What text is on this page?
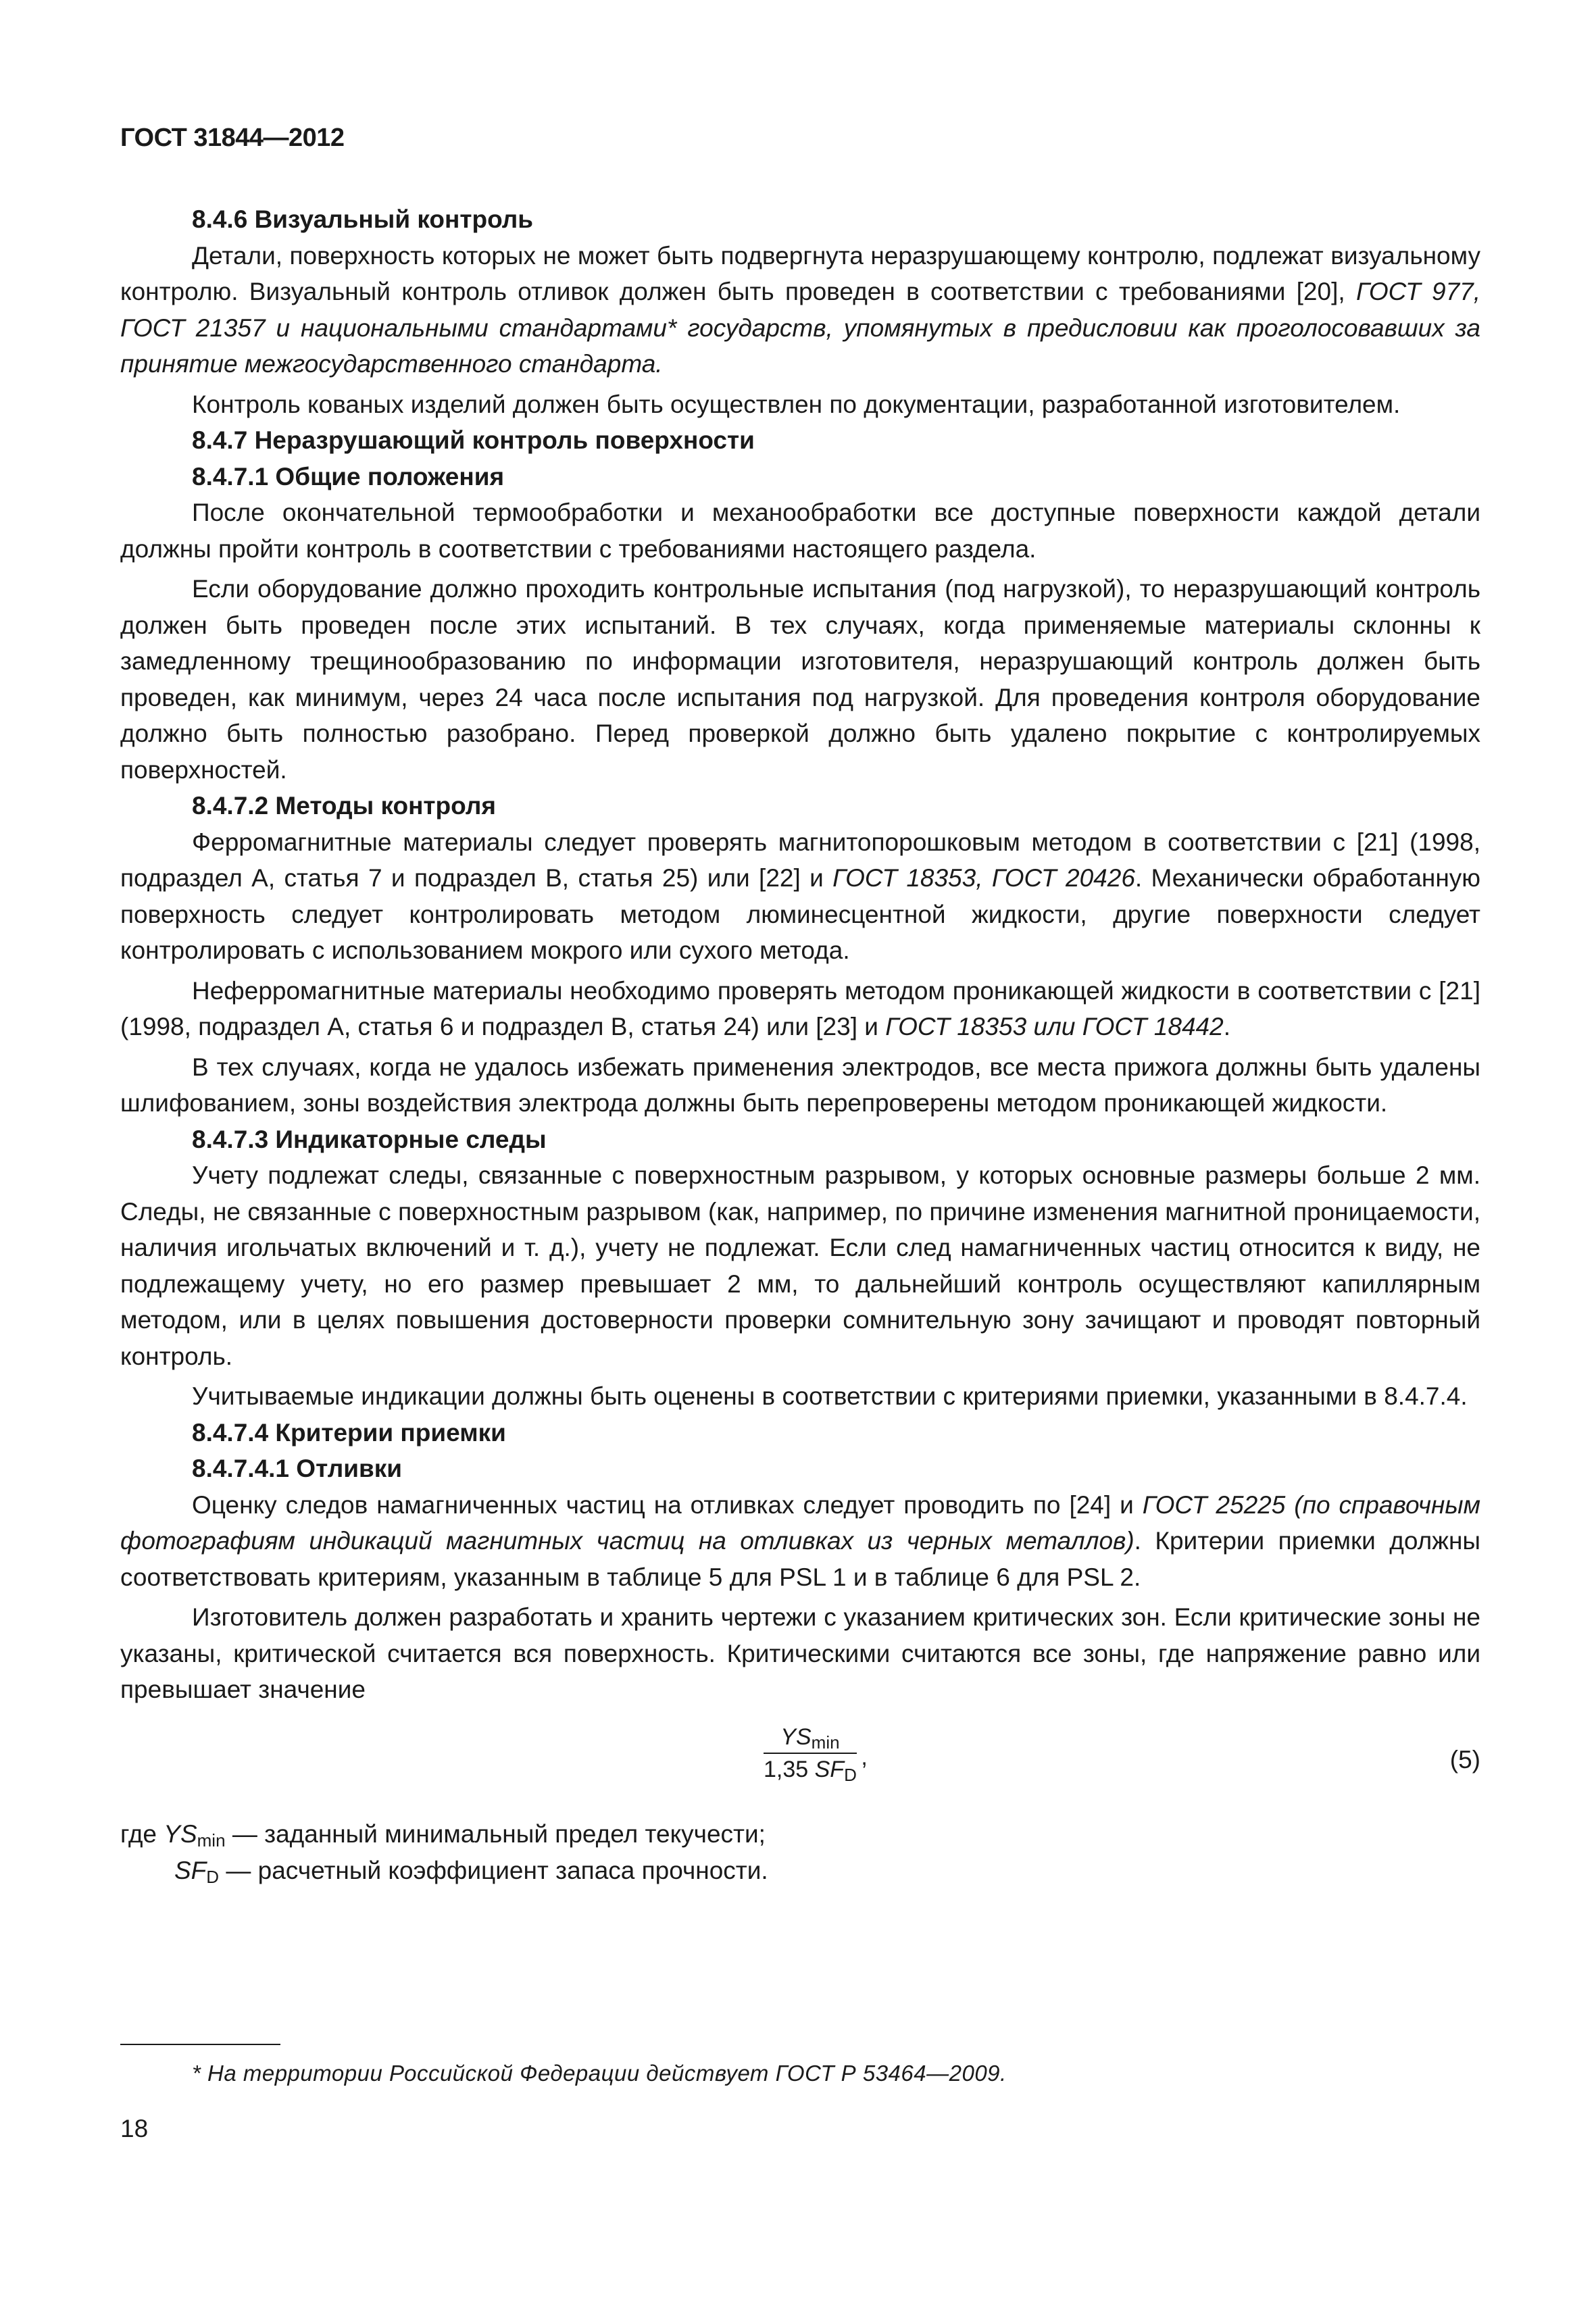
ГОСТ 31844—2012
8.4.6 Визуальный контроль

Детали, поверхность которых не может быть подвергнута неразрушающему контролю, подлежат визуальному контролю. Визуальный контроль отливок должен быть проведен в соответствии с требованиями [20], ГОСТ 977, ГОСТ 21357 и национальными стандартами* государств, упомянутых в предисловии как проголосовавших за принятие межгосударственного стандарта.

Контроль кованых изделий должен быть осуществлен по документации, разработанной изготовителем.

8.4.7 Неразрушающий контроль поверхности
8.4.7.1 Общие положения

После окончательной термообработки и механообработки все доступные поверхности каждой детали должны пройти контроль в соответствии с требованиями настоящего раздела.

Если оборудование должно проходить контрольные испытания (под нагрузкой), то неразрушающий контроль должен быть проведен после этих испытаний. В тех случаях, когда применяемые материалы склонны к замедленному трещинообразованию по информации изготовителя, неразрушающий контроль должен быть проведен, как минимум, через 24 часа после испытания под нагрузкой. Для проведения контроля оборудование должно быть полностью разобрано. Перед проверкой должно быть удалено покрытие с контролируемых поверхностей.

8.4.7.2 Методы контроля

Ферромагнитные материалы следует проверять магнитопорошковым методом в соответствии с [21] (1998, подраздел А, статья 7 и подраздел В, статья 25) или [22] и ГОСТ 18353, ГОСТ 20426. Механически обработанную поверхность следует контролировать методом люминесцентной жидкости, другие поверхности следует контролировать с использованием мокрого или сухого метода.

Неферромагнитные материалы необходимо проверять методом проникающей жидкости в соответствии с [21] (1998, подраздел А, статья 6 и подраздел В, статья 24) или [23] и ГОСТ 18353 или ГОСТ 18442.

В тех случаях, когда не удалось избежать применения электродов, все места прижога должны быть удалены шлифованием, зоны воздействия электрода должны быть перепроверены методом проникающей жидкости.

8.4.7.3 Индикаторные следы

Учету подлежат следы, связанные с поверхностным разрывом, у которых основные размеры больше 2 мм. Следы, не связанные с поверхностным разрывом (как, например, по причине изменения магнитной проницаемости, наличия игольчатых включений и т. д.), учету не подлежат. Если след намагниченных частиц относится к виду, не подлежащему учету, но его размер превышает 2 мм, то дальнейший контроль осуществляют капиллярным методом, или в целях повышения достоверности проверки сомнительную зону зачищают и проводят повторный контроль.

Учитываемые индикации должны быть оценены в соответствии с критериями приемки, указанными в 8.4.7.4.

8.4.7.4 Критерии приемки
8.4.7.4.1 Отливки

Оценку следов намагниченных частиц на отливках следует проводить по [24] и ГОСТ 25225 (по справочным фотографиям индикаций магнитных частиц на отливках из черных металлов). Критерии приемки должны соответствовать критериям, указанным в таблице 5 для PSL 1 и в таблице 6 для PSL 2.

Изготовитель должен разработать и хранить чертежи с указанием критических зон. Если критические зоны не указаны, критической считается вся поверхность. Критическими считаются все зоны, где напряжение равно или превышает значение

$YS_{min}$
1,35 $SF_D$
,	(5)
где $YS_{min}$ — заданный минимальный предел текучести;
$SF_D$ — расчетный коэффициент запаса прочности.
* На территории Российской Федерации действует ГОСТ Р 53464—2009.
18
